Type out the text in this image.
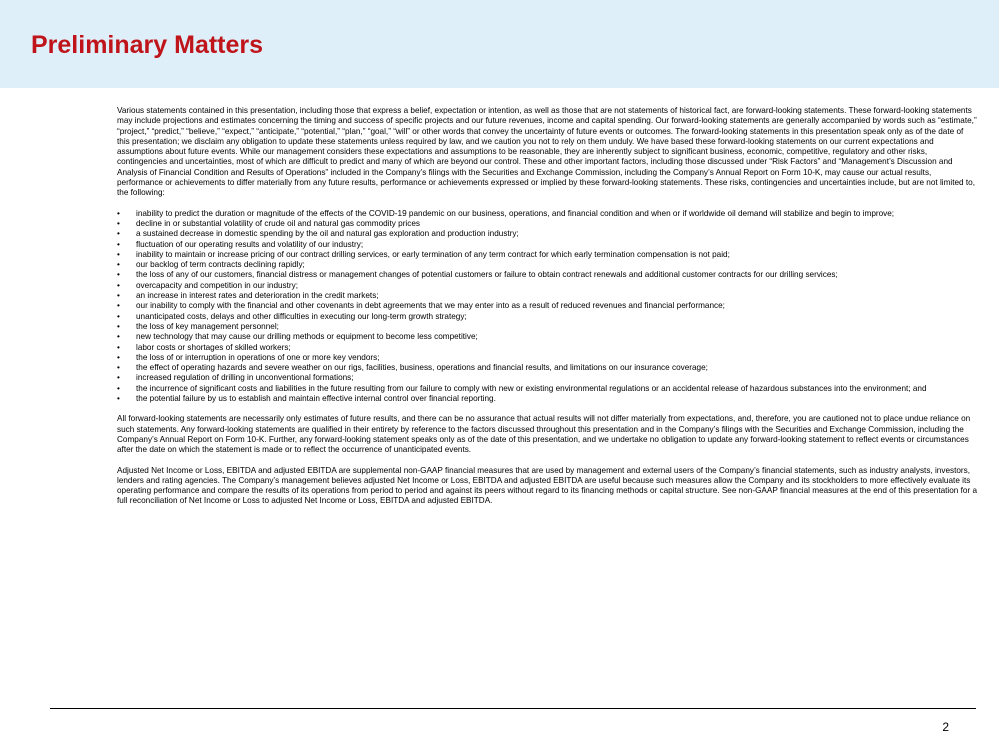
Preliminary Matters

Various statements contained in this presentation, including those that express a belief, expectation or intention, as well as those that are not statements of historical fact, are forward-looking statements. These forward-looking statements may include projections and estimates concerning the timing and success of specific projects and our future revenues, income and capital spending. Our forward-looking statements are generally accompanied by words such as “estimate,” “project,” “predict,” “believe,” “expect,” “anticipate,” “potential,” “plan,” “goal,” “will” or other words that convey the uncertainty of future events or outcomes. The forward-looking statements in this presentation speak only as of the date of this presentation; we disclaim any obligation to update these statements unless required by law, and we caution you not to rely on them unduly. We have based these forward-looking statements on our current expectations and assumptions about future events. While our management considers these expectations and assumptions to be reasonable, they are inherently subject to significant business, economic, competitive, regulatory and other risks, contingencies and uncertainties, most of which are difficult to predict and many of which are beyond our control. These and other important factors, including those discussed under “Risk Factors” and “Management’s Discussion and Analysis of Financial Condition and Results of Operations” included in the Company’s filings with the Securities and Exchange Commission, including the Company’s Annual Report on Form 10-K, may cause our actual results, performance or achievements to differ materially from any future results, performance or achievements expressed or implied by these forward-looking statements. These risks, contingencies and uncertainties include, but are not limited to, the following:

• inability to predict the duration or magnitude of the effects of the COVID-19 pandemic on our business, operations, and financial condition and when or if worldwide oil demand will stabilize and begin to improve;
• decline in or substantial volatility of crude oil and natural gas commodity prices
• a sustained decrease in domestic spending by the oil and natural gas exploration and production industry;
• fluctuation of our operating results and volatility of our industry;
• inability to maintain or increase pricing of our contract drilling services, or early termination of any term contract for which early termination compensation is not paid;
• our backlog of term contracts declining rapidly;
• the loss of any of our customers, financial distress or management changes of potential customers or failure to obtain contract renewals and additional customer contracts for our drilling services;
• overcapacity and competition in our industry;
• an increase in interest rates and deterioration in the credit markets;
• our inability to comply with the financial and other covenants in debt agreements that we may enter into as a result of reduced revenues and financial performance;
• unanticipated costs, delays and other difficulties in executing our long-term growth strategy;
• the loss of key management personnel;
• new technology that may cause our drilling methods or equipment to become less competitive;
• labor costs or shortages of skilled workers;
• the loss of or interruption in operations of one or more key vendors;
• the effect of operating hazards and severe weather on our rigs, facilities, business, operations and financial results, and limitations on our insurance coverage;
• increased regulation of drilling in unconventional formations;
• the incurrence of significant costs and liabilities in the future resulting from our failure to comply with new or existing environmental regulations or an accidental release of hazardous substances into the environment; and
• the potential failure by us to establish and maintain effective internal control over financial reporting.

All forward-looking statements are necessarily only estimates of future results, and there can be no assurance that actual results will not differ materially from expectations, and, therefore, you are cautioned not to place undue reliance on such statements. Any forward-looking statements are qualified in their entirety by reference to the factors discussed throughout this presentation and in the Company’s filings with the Securities and Exchange Commission, including the Company’s Annual Report on Form 10-K. Further, any forward-looking statement speaks only as of the date of this presentation, and we undertake no obligation to update any forward-looking statement to reflect events or circumstances after the date on which the statement is made or to reflect the occurrence of unanticipated events.

Adjusted Net Income or Loss, EBITDA and adjusted EBITDA are supplemental non-GAAP financial measures that are used by management and external users of the Company’s financial statements, such as industry analysts, investors, lenders and rating agencies. The Company’s management believes adjusted Net Income or Loss, EBITDA and adjusted EBITDA are useful because such measures allow the Company and its stockholders to more effectively evaluate its operating performance and compare the results of its operations from period to period and against its peers without regard to its financing methods or capital structure. See non-GAAP financial measures at the end of this presentation for a full reconciliation of Net Income or Loss to adjusted Net Income or Loss, EBITDA and adjusted EBITDA.

2
